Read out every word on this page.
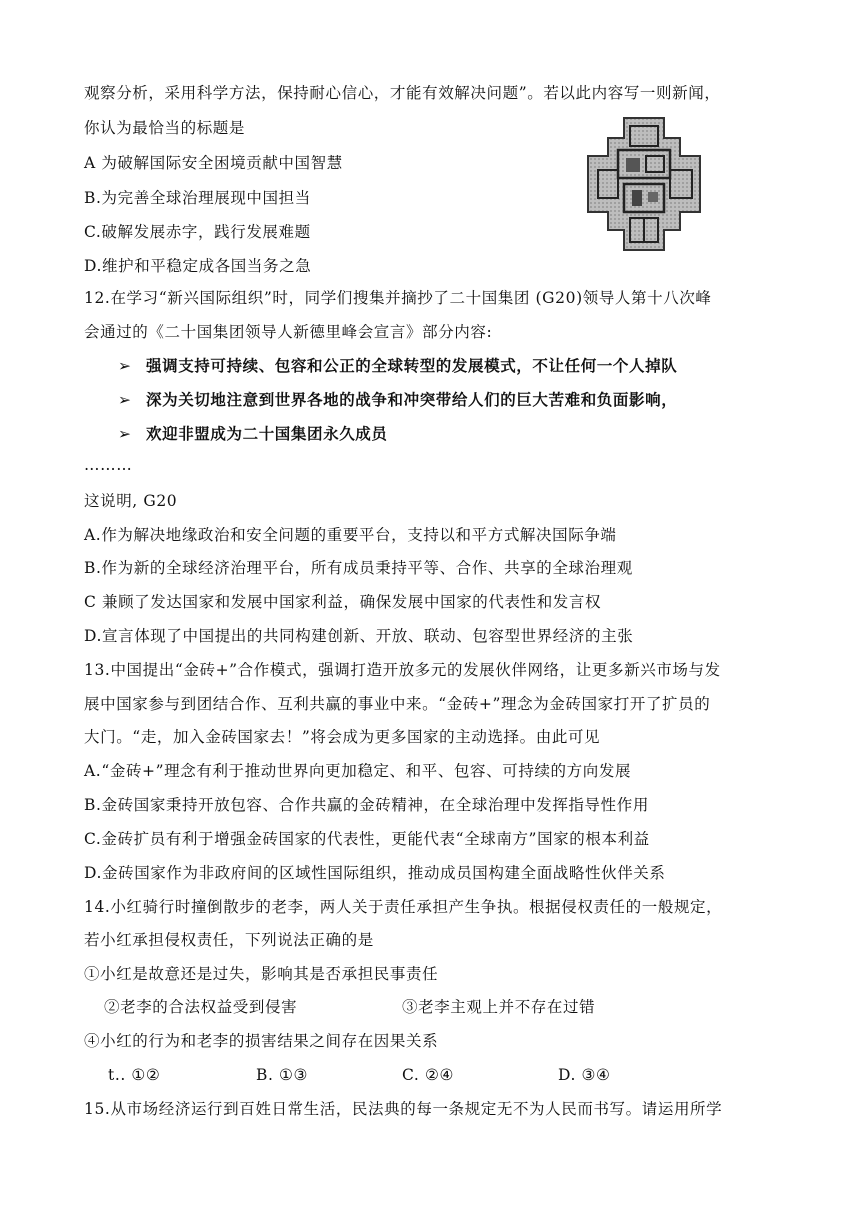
观察分析，采用科学方法，保持耐心信心，才能有效解决问题”。若以此内容写一则新闻，
你认为最恰当的标题是
A 为破解国际安全困境贡献中国智慧
B.为完善全球治理展现中国担当
C.破解发展赤字，践行发展难题
D.维护和平稳定成各国当务之急
12.在学习“新兴国际组织”时，同学们搜集并摘抄了二十国集团 (G20)领导人第十八次峰
会通过的《二十国集团领导人新德里峰会宣言》部分内容:
➢ 强调支持可持续、包容和公正的全球转型的发展模式，不让任何一个人掉队
➢ 深为关切地注意到世界各地的战争和冲突带给人们的巨大苦难和负面影响，
➢ 欢迎非盟成为二十国集团永久成员
………
这说明, G20
A.作为解决地缘政治和安全问题的重要平台，支持以和平方式解决国际争端
B.作为新的全球经济治理平台，所有成员秉持平等、合作、共享的全球治理观
C 兼顾了发达国家和发展中国家利益，确保发展中国家的代表性和发言权
D.宣言体现了中国提出的共同构建创新、开放、联动、包容型世界经济的主张
13.中国提出“金砖+”合作模式，强调打造开放多元的发展伙伴网络，让更多新兴市场与发
展中国家参与到团结合作、互利共赢的事业中来。“金砖+”理念为金砖国家打开了扩员的
大门。“走，加入金砖国家去！”将会成为更多国家的主动选择。由此可见
A.“金砖+”理念有利于推动世界向更加稳定、和平、包容、可持续的方向发展
B.金砖国家秉持开放包容、合作共赢的金砖精神，在全球治理中发挥指导性作用
C.金砖扩员有利于增强金砖国家的代表性，更能代表“全球南方”国家的根本利益
D.金砖国家作为非政府间的区域性国际组织，推动成员国构建全面战略性伙伴关系
14.小红骑行时撞倒散步的老李，两人关于责任承担产生争执。根据侵权责任的一般规定，
若小红承担侵权责任，下列说法正确的是
①小红是故意还是过失，影响其是否承担民事责任
②老李的合法权益受到侵害	③老李主观上并不存在过错
④小红的行为和老李的损害结果之间存在因果关系
t.. ①②	B. ①③	C. ②④	D. ③④
15.从市场经济运行到百姓日常生活，民法典的每一条规定无不为人民而书写。请运用所学
